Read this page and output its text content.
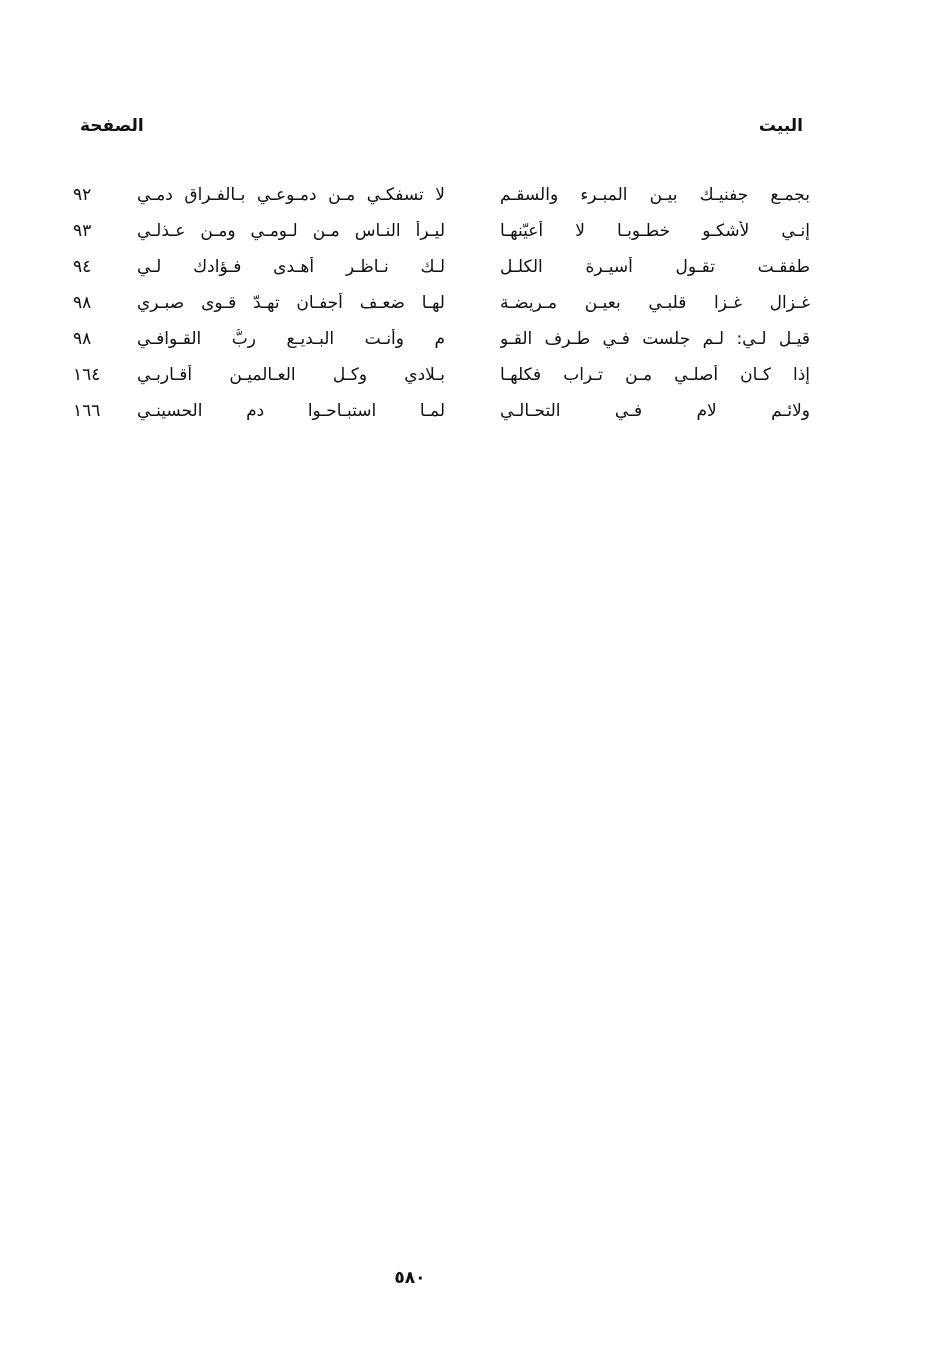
البيت
الصفحة
بجمـع جفنيـك بيـن المبـرء والسقـم
لا تسفكـي مـن دمـوعـي بـالفـراق دمـي
٩٢
إنـي لأشكـو خطـوبـا لا أعيّنهـا
ليـرأ النـاس مـن لـومـي ومـن عـذلـي
٩٣
طفقـت تقـول أسيـرة الكلـل
لـك نـاظـر أهـدى فـؤادك لـي
٩٤
غـزال غـزا قلبـي بعيـن مـريضـة
لهـا ضعـف أجفـان تهـدّ قـوى صبـري
٩٨
قيـل لـي: لـم جلست فـي طـرف القـو
م وأنـت البـديـع ربُّ القـوافـي
٩٨
إذا كـان أصلـي مـن تـراب فكلهـا
بـلادي وكـل العـالميـن أقـاربـي
١٦٤
ولائـم لام فـي التحـالـي
لمـا استبـاحـوا دم الحسينـي
١٦٦
٥٨٠
